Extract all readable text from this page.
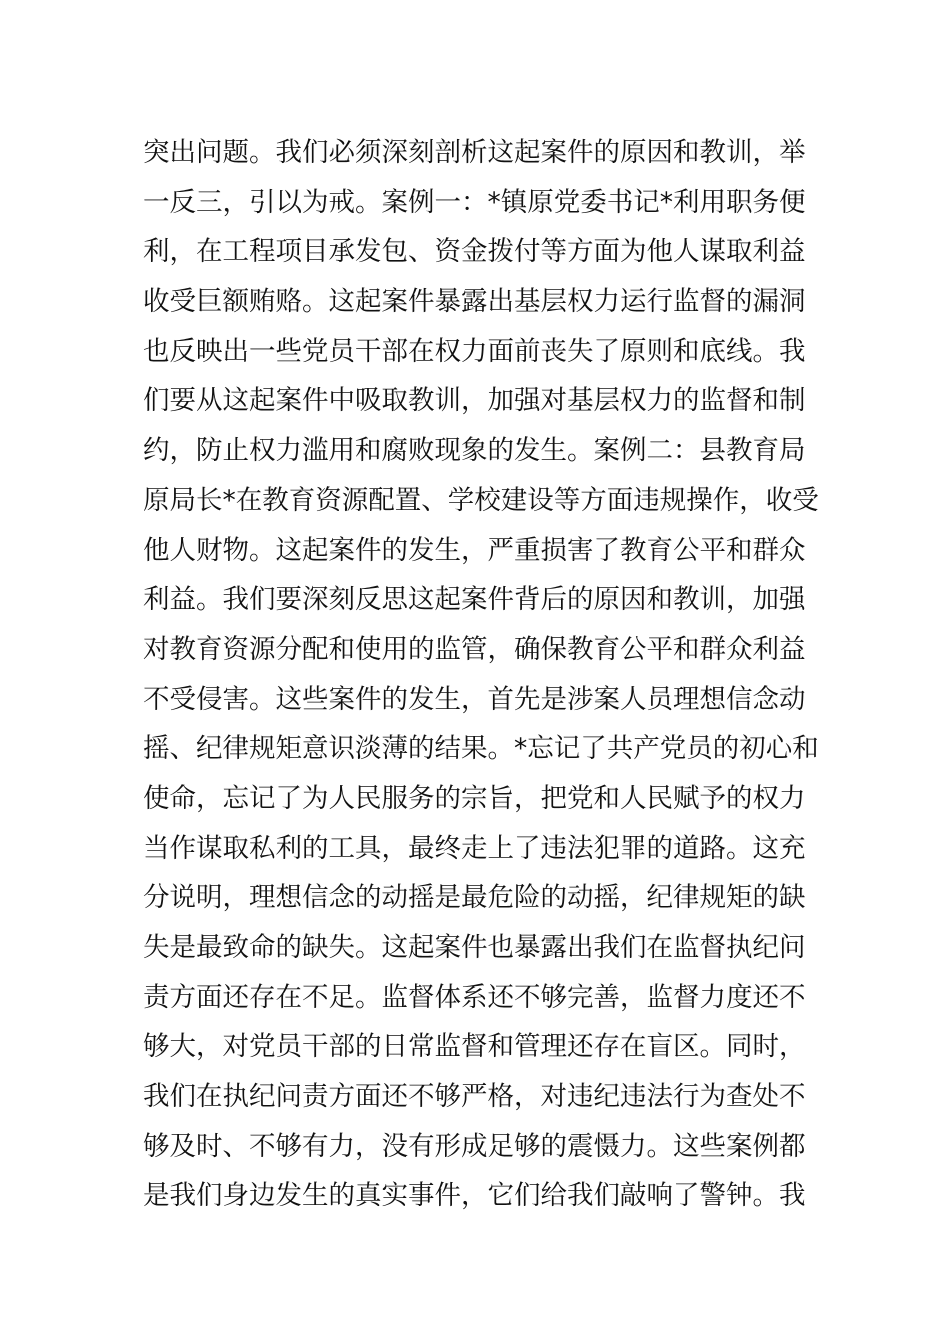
突出问题。我们必须深刻剖析这起案件的原因和教训，举
一反三，引以为戒。案例一：*镇原党委书记*利用职务便
利，在工程项目承发包、资金拨付等方面为他人谋取利益
收受巨额贿赂。这起案件暴露出基层权力运行监督的漏洞
也反映出一些党员干部在权力面前丧失了原则和底线。我
们要从这起案件中吸取教训，加强对基层权力的监督和制
约，防止权力滥用和腐败现象的发生。案例二：县教育局
原局长*在教育资源配置、学校建设等方面违规操作，收受
他人财物。这起案件的发生，严重损害了教育公平和群众
利益。我们要深刻反思这起案件背后的原因和教训，加强
对教育资源分配和使用的监管，确保教育公平和群众利益
不受侵害。这些案件的发生，首先是涉案人员理想信念动
摇、纪律规矩意识淡薄的结果。*忘记了共产党员的初心和
使命，忘记了为人民服务的宗旨，把党和人民赋予的权力
当作谋取私利的工具，最终走上了违法犯罪的道路。这充
分说明，理想信念的动摇是最危险的动摇，纪律规矩的缺
失是最致命的缺失。这起案件也暴露出我们在监督执纪问
责方面还存在不足。监督体系还不够完善，监督力度还不
够大，对党员干部的日常监督和管理还存在盲区。同时，
我们在执纪问责方面还不够严格，对违纪违法行为查处不
够及时、不够有力，没有形成足够的震慑力。这些案例都
是我们身边发生的真实事件，它们给我们敲响了警钟。我
